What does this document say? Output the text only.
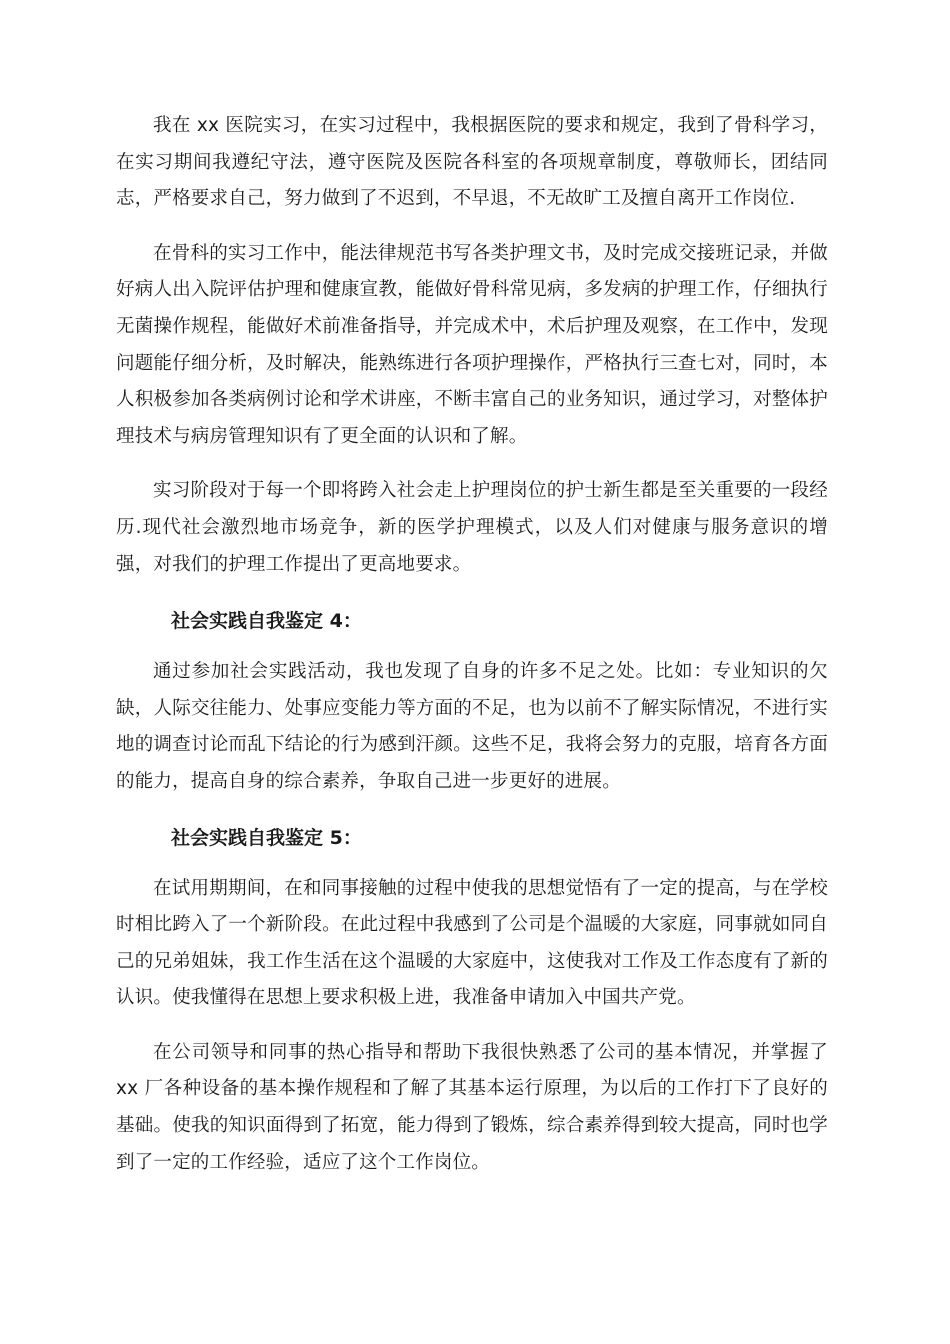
我在 xx 医院实习，在实习过程中，我根据医院的要求和规定，我到了骨科学习，在实习期间我遵纪守法，遵守医院及医院各科室的各项规章制度，尊敬师长，团结同志，严格要求自己，努力做到了不迟到，不早退，不无故旷工及擅自离开工作岗位.

在骨科的实习工作中，能法律规范书写各类护理文书，及时完成交接班记录，并做好病人出入院评估护理和健康宣教，能做好骨科常见病，多发病的护理工作，仔细执行无菌操作规程，能做好术前准备指导，并完成术中，术后护理及观察，在工作中，发现问题能仔细分析，及时解决，能熟练进行各项护理操作，严格执行三查七对，同时，本人积极参加各类病例讨论和学术讲座，不断丰富自己的业务知识，通过学习，对整体护理技术与病房管理知识有了更全面的认识和了解。

实习阶段对于每一个即将跨入社会走上护理岗位的护士新生都是至关重要的一段经历.现代社会激烈地市场竞争，新的医学护理模式，以及人们对健康与服务意识的增强，对我们的护理工作提出了更高地要求。

社会实践自我鉴定 4：

通过参加社会实践活动，我也发现了自身的许多不足之处。比如：专业知识的欠缺，人际交往能力、处事应变能力等方面的不足，也为以前不了解实际情况，不进行实地的调查讨论而乱下结论的行为感到汗颜。这些不足，我将会努力的克服，培育各方面的能力，提高自身的综合素养，争取自己进一步更好的进展。

社会实践自我鉴定 5：

在试用期期间，在和同事接触的过程中使我的思想觉悟有了一定的提高，与在学校时相比跨入了一个新阶段。在此过程中我感到了公司是个温暖的大家庭，同事就如同自己的兄弟姐妹，我工作生活在这个温暖的大家庭中，这使我对工作及工作态度有了新的认识。使我懂得在思想上要求积极上进，我准备申请加入中国共产党。

在公司领导和同事的热心指导和帮助下我很快熟悉了公司的基本情况，并掌握了 xx 厂各种设备的基本操作规程和了解了其基本运行原理，为以后的工作打下了良好的基础。使我的知识面得到了拓宽，能力得到了锻炼，综合素养得到较大提高，同时也学到了一定的工作经验，适应了这个工作岗位。
